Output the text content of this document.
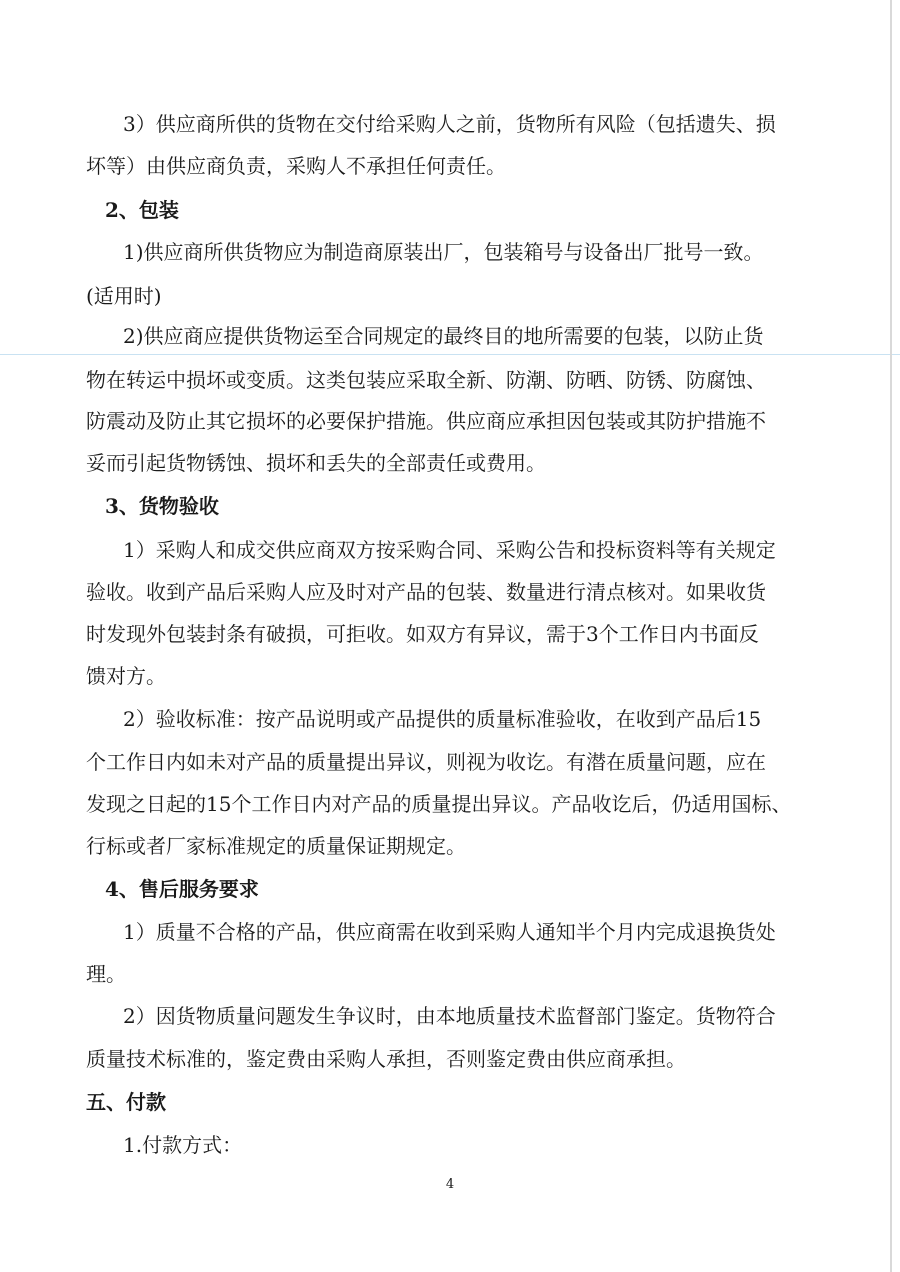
3）供应商所供的货物在交付给采购人之前，货物所有风险（包括遗失、损

坏等）由供应商负责，采购人不承担任何责任。

2、包装

1)供应商所供货物应为制造商原装出厂，包装箱号与设备出厂批号一致。

(适用时)

2)供应商应提供货物运至合同规定的最终目的地所需要的包装，以防止货

物在转运中损坏或变质。这类包装应采取全新、防潮、防晒、防锈、防腐蚀、

防震动及防止其它损坏的必要保护措施。供应商应承担因包装或其防护措施不

妥而引起货物锈蚀、损坏和丢失的全部责任或费用。

3、货物验收

1）采购人和成交供应商双方按采购合同、采购公告和投标资料等有关规定

验收。收到产品后采购人应及时对产品的包装、数量进行清点核对。如果收货

时发现外包装封条有破损，可拒收。如双方有异议，需于3个工作日内书面反

馈对方。

2）验收标准：按产品说明或产品提供的质量标准验收，在收到产品后15

个工作日内如未对产品的质量提出异议，则视为收讫。有潜在质量问题，应在

发现之日起的15个工作日内对产品的质量提出异议。产品收讫后，仍适用国标、

行标或者厂家标准规定的质量保证期规定。

4、售后服务要求

1）质量不合格的产品，供应商需在收到采购人通知半个月内完成退换货处

理。

2）因货物质量问题发生争议时，由本地质量技术监督部门鉴定。货物符合

质量技术标准的，鉴定费由采购人承担，否则鉴定费由供应商承担。

五、付款

1.付款方式：

4
